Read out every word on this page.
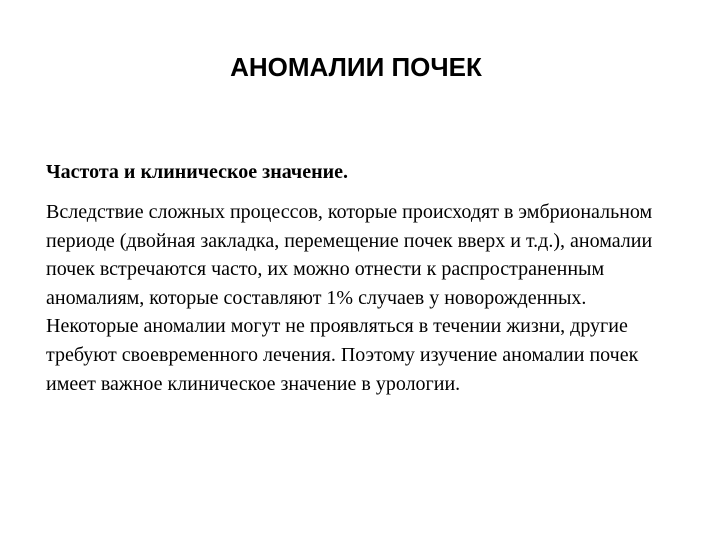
АНОМАЛИИ ПОЧЕК

Частота и клиническое значение.

Вследствие сложных процессов, которые происходят в эмбриональном периоде (двойная закладка, перемещение почек вверх и т.д.), аномалии почек встречаются часто, их можно отнести к распространенным аномалиям, которые составляют 1% случаев у новорожденных. Некоторые аномалии могут не проявляться в течении жизни, другие требуют своевременного лечения. Поэтому изучение аномалии почек имеет важное клиническое значение в урологии.
